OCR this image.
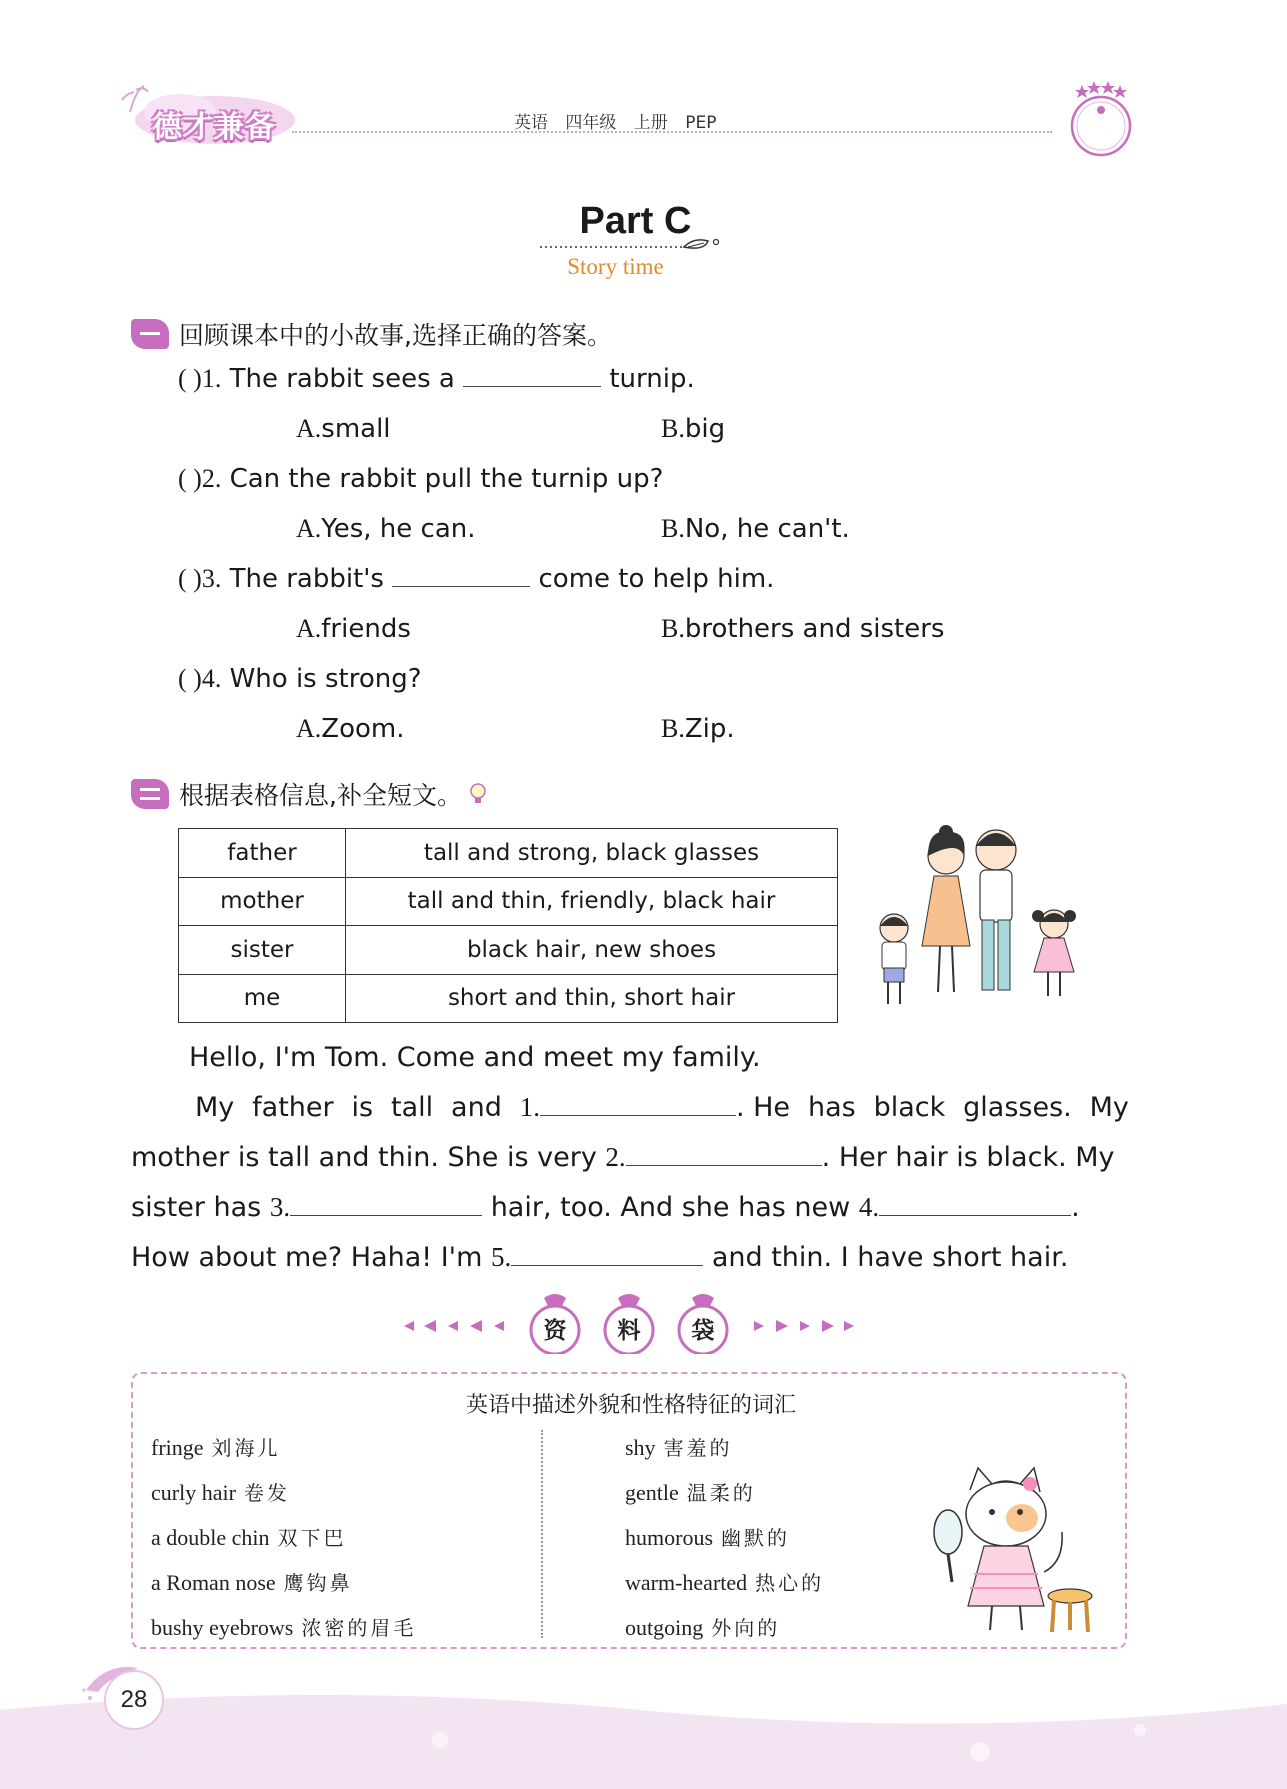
德才兼备	英语 四年级 上册 PEP
Part C
Story time
回顾课本中的小故事,选择正确的答案。
( )1. The rabbit sees a	turnip.
A.small	B.big
( )2. Can the rabbit pull the turnip up?
A.Yes, he can.	B.No, he can't.
( )3. The rabbit's	come to help him.
A.friends	B.brothers and sisters
( )4. Who is strong?
A.Zoom.	B.Zip.
根据表格信息,补全短文。
father	tall and strong, black glasses
mother	tall and thin, friendly, black hair
sister	black hair, new shoes
me	short and thin, short hair
Hello, I'm Tom. Come and meet my family.
My father is tall and 1.	. He has black glasses. My
mother is tall and thin. She is very 2.	. Her hair is black. My
sister has 3.	hair, too. And she has new 4.	.
How about me? Haha! I'm 5.	and thin. I have short hair.
资	料	袋
英语中描述外貌和性格特征的词汇
fringe 刘海儿
curly hair 卷发
a double chin 双下巴
a Roman nose 鹰钩鼻
bushy eyebrows 浓密的眉毛
shy 害羞的
gentle 温柔的
humorous 幽默的
warm-hearted 热心的
outgoing 外向的
28
